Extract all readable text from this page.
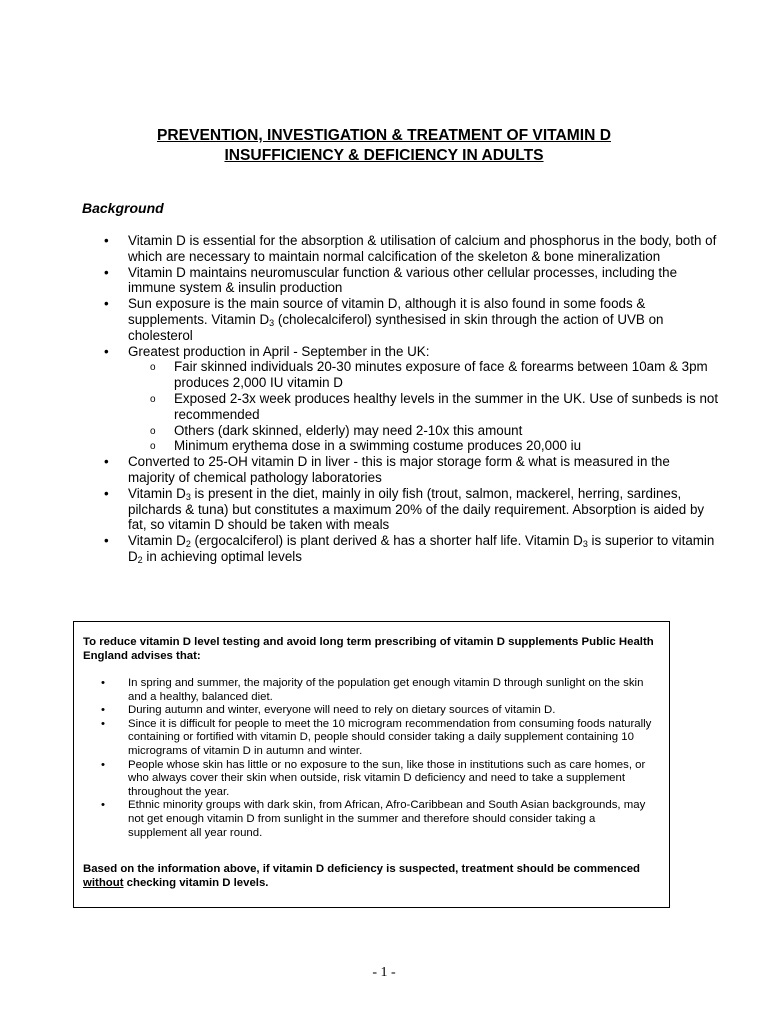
PREVENTION, INVESTIGATION & TREATMENT OF VITAMIN D
INSUFFICIENCY & DEFICIENCY IN ADULTS
Background
• Vitamin D is essential for the absorption & utilisation of calcium and phosphorus in the body, both of which are necessary to maintain normal calcification of the skeleton & bone mineralization
• Vitamin D maintains neuromuscular function & various other cellular processes, including the immune system & insulin production
• Sun exposure is the main source of vitamin D, although it is also found in some foods & supplements. Vitamin $D_3$ (cholecalciferol) synthesised in skin through the action of UVB on cholesterol
• Greatest production in April - September in the UK:
o Fair skinned individuals 20-30 minutes exposure of face & forearms between 10am & 3pm produces 2,000 IU vitamin D
o Exposed 2-3x week produces healthy levels in the summer in the UK. Use of sunbeds is not recommended
o Others (dark skinned, elderly) may need 2-10x this amount
o Minimum erythema dose in a swimming costume produces 20,000 iu
• Converted to 25-OH vitamin D in liver - this is major storage form & what is measured in the majority of chemical pathology laboratories
• Vitamin $D_3$ is present in the diet, mainly in oily fish (trout, salmon, mackerel, herring, sardines, pilchards & tuna) but constitutes a maximum 20% of the daily requirement. Absorption is aided by fat, so vitamin D should be taken with meals
• Vitamin $D_2$ (ergocalciferol) is plant derived & has a shorter half life. Vitamin $D_3$ is superior to vitamin $D_2$ in achieving optimal levels
To reduce vitamin D level testing and avoid long term prescribing of vitamin D supplements Public Health England advises that:
• In spring and summer, the majority of the population get enough vitamin D through sunlight on the skin and a healthy, balanced diet.
• During autumn and winter, everyone will need to rely on dietary sources of vitamin D.
• Since it is difficult for people to meet the 10 microgram recommendation from consuming foods naturally containing or fortified with vitamin D, people should consider taking a daily supplement containing 10 micrograms of vitamin D in autumn and winter.
• People whose skin has little or no exposure to the sun, like those in institutions such as care homes, or who always cover their skin when outside, risk vitamin D deficiency and need to take a supplement throughout the year.
• Ethnic minority groups with dark skin, from African, Afro-Caribbean and South Asian backgrounds, may not get enough vitamin D from sunlight in the summer and therefore should consider taking a supplement all year round.
Based on the information above, if vitamin D deficiency is suspected, treatment should be commenced without checking vitamin D levels.
- 1 -
